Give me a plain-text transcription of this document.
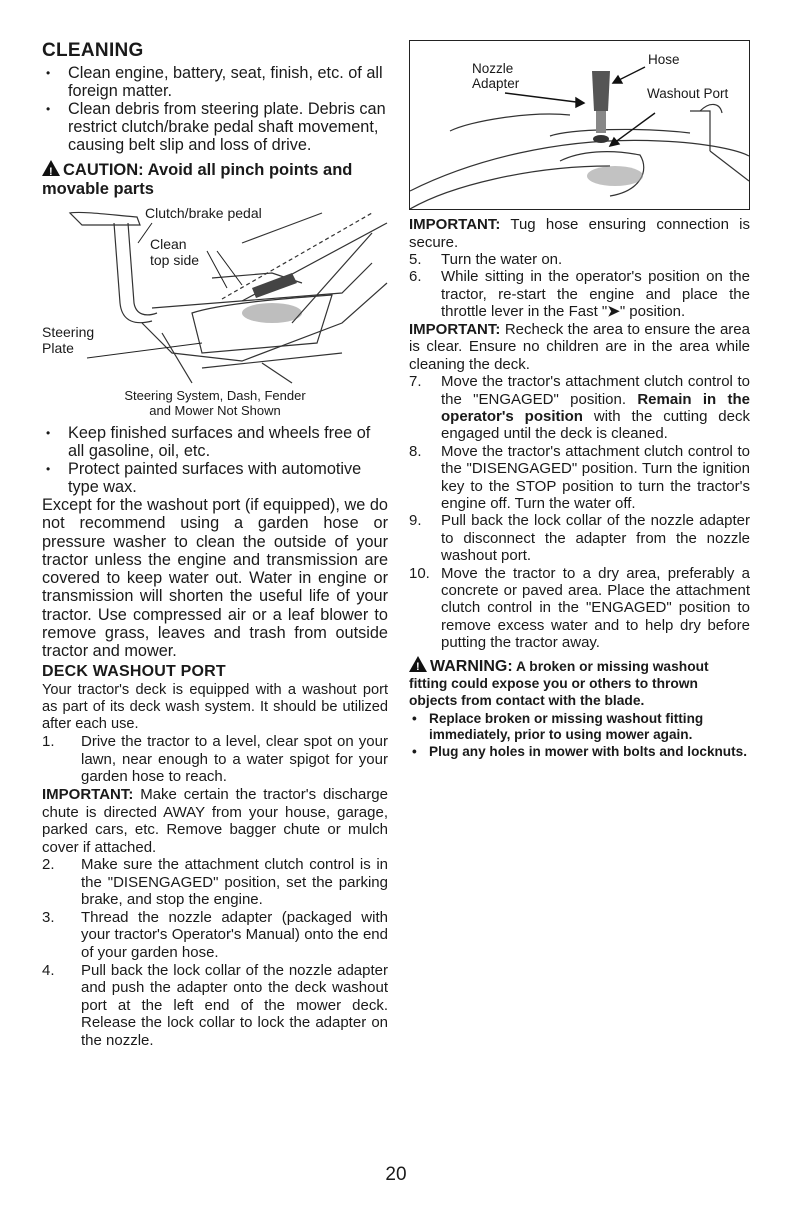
CLEANING

• Clean engine, battery, seat, finish, etc. of all foreign matter.

• Clean debris from steering plate. Debris can restrict clutch/brake pedal shaft movement, causing belt slip and loss of drive.

!CAUTION: Avoid all pinch points and movable parts

Clutch/brake pedal
Clean
top side
Steering
Plate
Steering System, Dash, Fender
and Mower Not Shown

• Keep finished surfaces and wheels free of all gasoline, oil, etc.

• Protect painted surfaces with automotive type wax.

Except for the washout port (if equipped), we do not recommend using a garden hose or pressure washer to clean the outside of your tractor unless the engine and transmission are covered to keep water out. Water in engine or transmission will shorten the useful life of your tractor. Use compressed air or a leaf blower to remove grass, leaves and trash from outside tractor and mower.

DECK WASHOUT PORT

Your tractor's deck is equipped with a washout port as part of its deck wash system. It should be utilized after each use.

1. Drive the tractor to a level, clear spot on your lawn, near enough to a water spigot for your garden hose to reach.

IMPORTANT: Make certain the tractor's discharge chute is directed AWAY from your house, garage, parked cars, etc. Remove bagger chute or mulch cover if attached.

2. Make sure the attachment clutch control is in the "DISENGAGED" position, set the parking brake, and stop the engine.

3. Thread the nozzle adapter (packaged with your tractor's Operator's Manual) onto the end of your garden hose.

4. Pull back the lock collar of the nozzle adapter and push the adapter onto the deck washout port at the left end of the mower deck. Release the lock collar to lock the adapter on the nozzle.

Nozzle
Adapter
Hose
Washout Port

IMPORTANT: Tug hose ensuring connection is secure.

5. Turn the water on.

6. While sitting in the operator's position on the tractor, re-start the engine and place the throttle lever in the Fast "➤" position.

IMPORTANT: Recheck the area to ensure the area is clear. Ensure no children are in the area while cleaning the deck.

7. Move the tractor's attachment clutch control to the "ENGAGED" position. Remain in the operator's position with the cutting deck engaged until the deck is cleaned.

8. Move the tractor's attachment clutch control to the "DISENGAGED" position. Turn the ignition key to the STOP position to turn the tractor's engine off. Turn the water off.

9. Pull back the lock collar of the nozzle adapter to disconnect the adapter from the nozzle washout port.

10. Move the tractor to a dry area, preferably a concrete or paved area. Place the attachment clutch control in the "ENGAGED" position to remove excess water and to help dry before putting the tractor away.

!WARNING: A broken or missing washout fitting could expose you or others to thrown objects from contact with the blade.

• Replace broken or missing washout fitting immediately, prior to using mower again.

• Plug any holes in mower with bolts and locknuts.

20
